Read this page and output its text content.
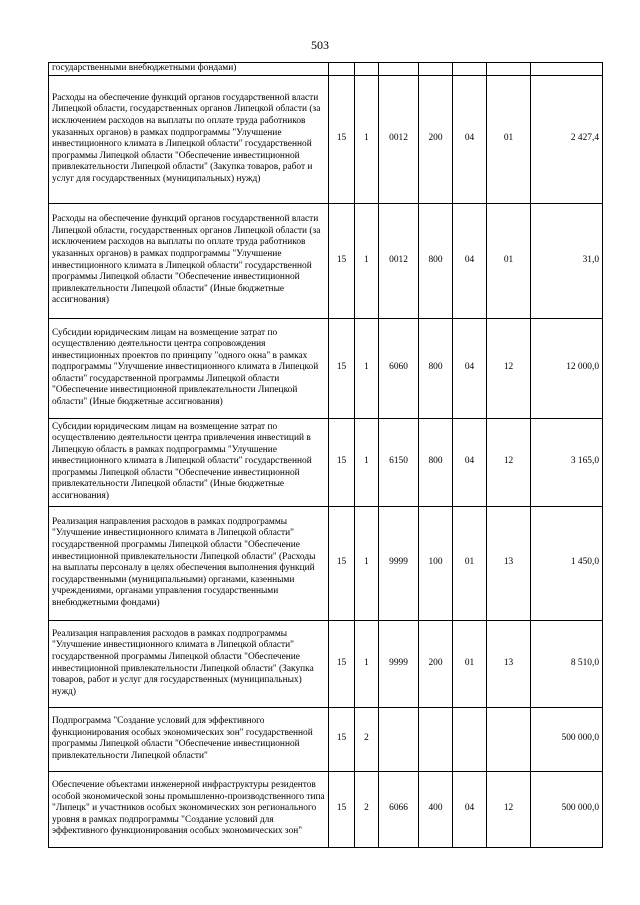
503
государственными внебюджетными фондами)							
Расходы на обеспечение функций органов государственной власти Липецкой области, государственных органов Липецкой области (за исключением расходов на выплаты по оплате труда работников указанных органов) в рамках подпрограммы "Улучшение инвестиционного климата в Липецкой области" государственной программы Липецкой области "Обеспечение инвестиционной привлекательности Липецкой области" (Закупка товаров, работ и услуг для государственных (муниципальных) нужд)	15	1	0012	200	04	01	2 427,4
Расходы на обеспечение функций органов государственной власти Липецкой области, государственных органов Липецкой области (за исключением расходов на выплаты по оплате труда работников указанных органов) в рамках подпрограммы "Улучшение инвестиционного климата в Липецкой области" государственной программы Липецкой области "Обеспечение инвестиционной привлекательности Липецкой области" (Иные бюджетные ассигнования)	15	1	0012	800	04	01	31,0
Субсидии юридическим лицам на возмещение затрат по осуществлению деятельности центра сопровождения инвестиционных проектов по принципу "одного окна" в рамках подпрограммы "Улучшение инвестиционного климата в Липецкой области" государственной программы Липецкой области "Обеспечение инвестиционной привлекательности Липецкой области" (Иные бюджетные ассигнования)	15	1	6060	800	04	12	12 000,0
Субсидии юридическим лицам на возмещение затрат по осуществлению деятельности центра привлечения инвестиций в Липецкую область в рамках подпрограммы "Улучшение инвестиционного климата в Липецкой области" государственной программы Липецкой области "Обеспечение инвестиционной привлекательности Липецкой области" (Иные бюджетные ассигнования)	15	1	6150	800	04	12	3 165,0
Реализация направления расходов в рамках подпрограммы "Улучшение инвестиционного климата в Липецкой области" государственной программы Липецкой области "Обеспечение инвестиционной привлекательности Липецкой области" (Расходы на выплаты персоналу в целях обеспечения выполнения функций государственными (муниципальными) органами, казенными учреждениями, органами управления государственными внебюджетными фондами)	15	1	9999	100	01	13	1 450,0
Реализация направления расходов в рамках подпрограммы "Улучшение инвестиционного климата в Липецкой области" государственной программы Липецкой области "Обеспечение инвестиционной привлекательности Липецкой области" (Закупка товаров, работ и услуг для государственных (муниципальных) нужд)	15	1	9999	200	01	13	8 510,0
Подпрограмма "Создание условий для эффективного функционирования особых экономических зон" государственной программы Липецкой области "Обеспечение инвестиционной привлекательности Липецкой области"	15	2					500 000,0
Обеспечение объектами инженерной инфраструктуры резидентов особой экономической зоны промышленно-производственного типа "Липецк" и участников особых экономических зон регионального уровня в рамках подпрограммы "Создание условий для эффективного функционирования особых экономических зон"	15	2	6066	400	04	12	500 000,0
